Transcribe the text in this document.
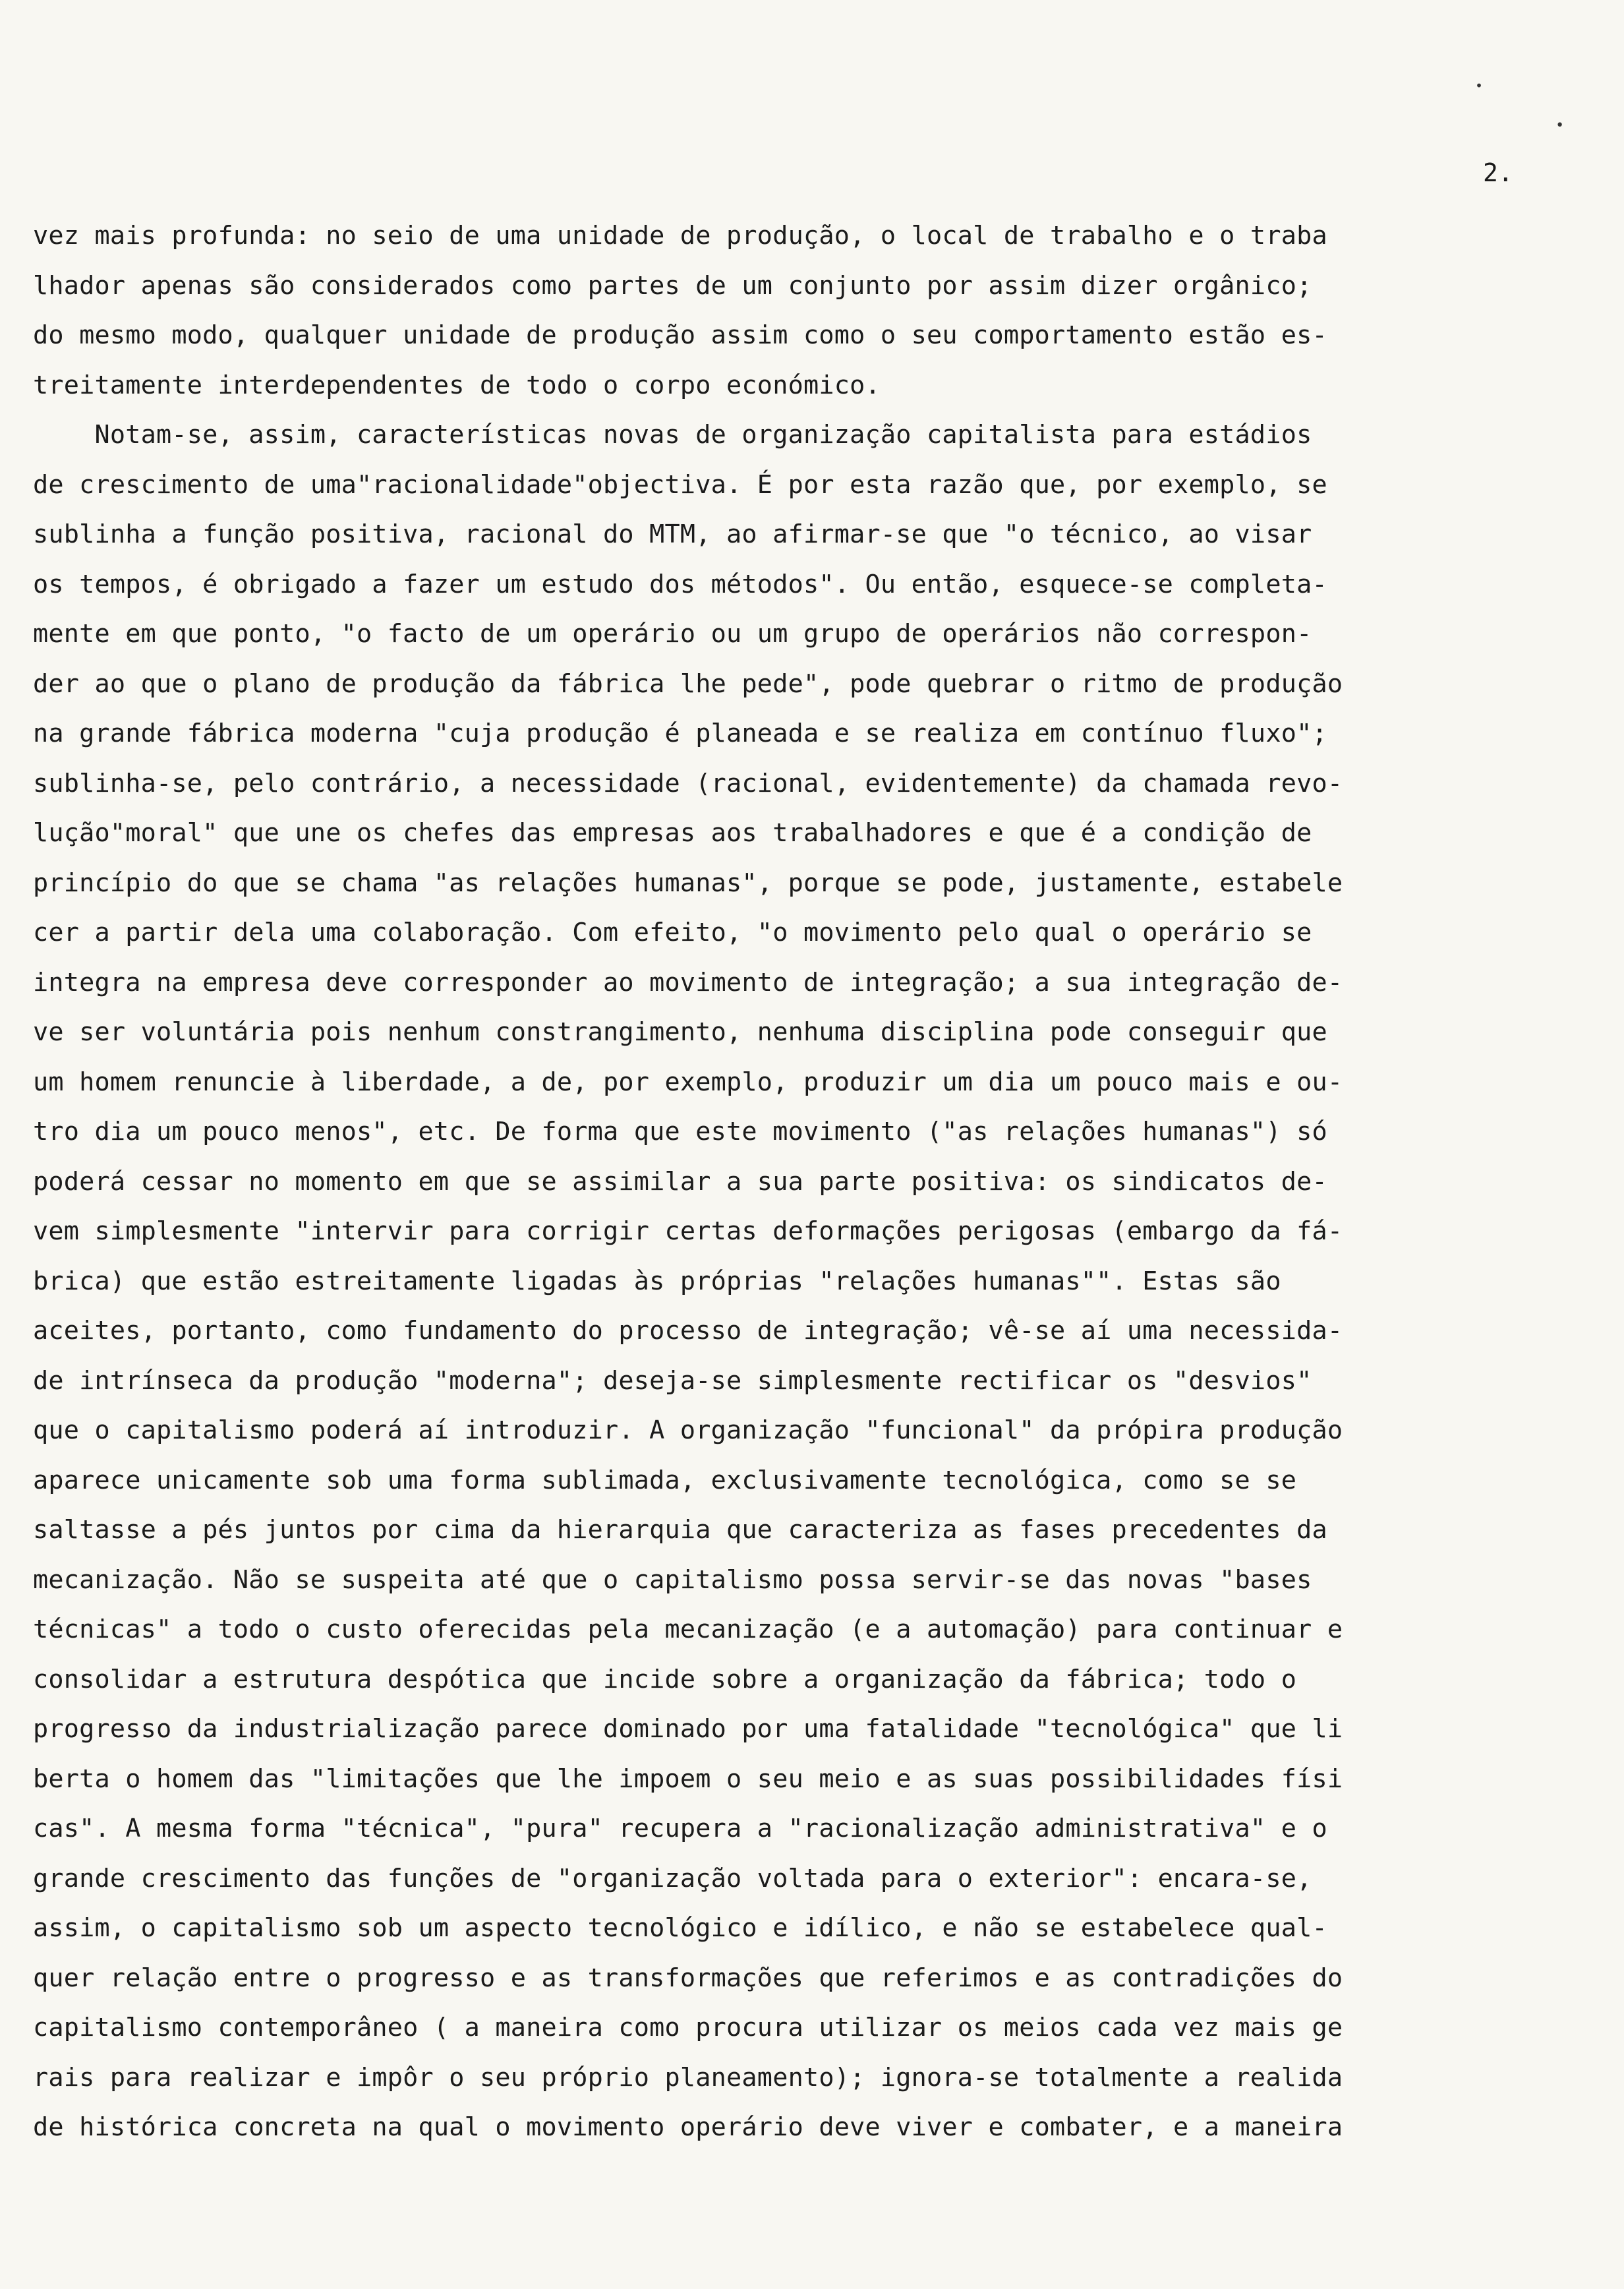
•
•
2.
vez mais profunda: no seio de uma unidade de produção, o local de trabalho e o traba
lhador apenas são considerados como partes de um conjunto por assim dizer orgânico;
do mesmo modo, qualquer unidade de produção assim como o seu comportamento estão es-
treitamente interdependentes de todo o corpo económico.
Notam-se, assim, características novas de organização capitalista para estádios
de crescimento de uma"racionalidade"objectiva. É por esta razão que, por exemplo, se
sublinha a função positiva, racional do MTM, ao afirmar-se que "o técnico, ao visar
os tempos, é obrigado a fazer um estudo dos métodos". Ou então, esquece-se completa-
mente em que ponto, "o facto de um operário ou um grupo de operários não correspon-
der ao que o plano de produção da fábrica lhe pede", pode quebrar o ritmo de produção
na grande fábrica moderna "cuja produção é planeada e se realiza em contínuo fluxo";
sublinha-se, pelo contrário, a necessidade (racional, evidentemente) da chamada revo-
lução"moral" que une os chefes das empresas aos trabalhadores e que é a condição de
princípio do que se chama "as relações humanas", porque se pode, justamente, estabele
cer a partir dela uma colaboração. Com efeito, "o movimento pelo qual o operário se
integra na empresa deve corresponder ao movimento de integração; a sua integração de-
ve ser voluntária pois nenhum constrangimento, nenhuma disciplina pode conseguir que
um homem renuncie à liberdade, a de, por exemplo, produzir um dia um pouco mais e ou-
tro dia um pouco menos", etc. De forma que este movimento ("as relações humanas") só
poderá cessar no momento em que se assimilar a sua parte positiva: os sindicatos de-
vem simplesmente "intervir para corrigir certas deformações perigosas (embargo da fá-
brica) que estão estreitamente ligadas às próprias "relações humanas"". Estas são
aceites, portanto, como fundamento do processo de integração; vê-se aí uma necessida-
de intrínseca da produção "moderna"; deseja-se simplesmente rectificar os "desvios"
que o capitalismo poderá aí introduzir. A organização "funcional" da própira produção
aparece unicamente sob uma forma sublimada, exclusivamente tecnológica, como se se
saltasse a pés juntos por cima da hierarquia que caracteriza as fases precedentes da
mecanização. Não se suspeita até que o capitalismo possa servir-se das novas "bases
técnicas" a todo o custo oferecidas pela mecanização (e a automação) para continuar e
consolidar a estrutura despótica que incide sobre a organização da fábrica; todo o
progresso da industrialização parece dominado por uma fatalidade "tecnológica" que li
berta o homem das "limitações que lhe impoem o seu meio e as suas possibilidades físi
cas". A mesma forma "técnica", "pura" recupera a "racionalização administrativa" e o
grande crescimento das funções de "organização voltada para o exterior": encara-se,
assim, o capitalismo sob um aspecto tecnológico e idílico, e não se estabelece qual-
quer relação entre o progresso e as transformações que referimos e as contradições do
capitalismo contemporâneo ( a maneira como procura utilizar os meios cada vez mais ge
rais para realizar e impôr o seu próprio planeamento); ignora-se totalmente a realida
de histórica concreta na qual o movimento operário deve viver e combater, e a maneira
